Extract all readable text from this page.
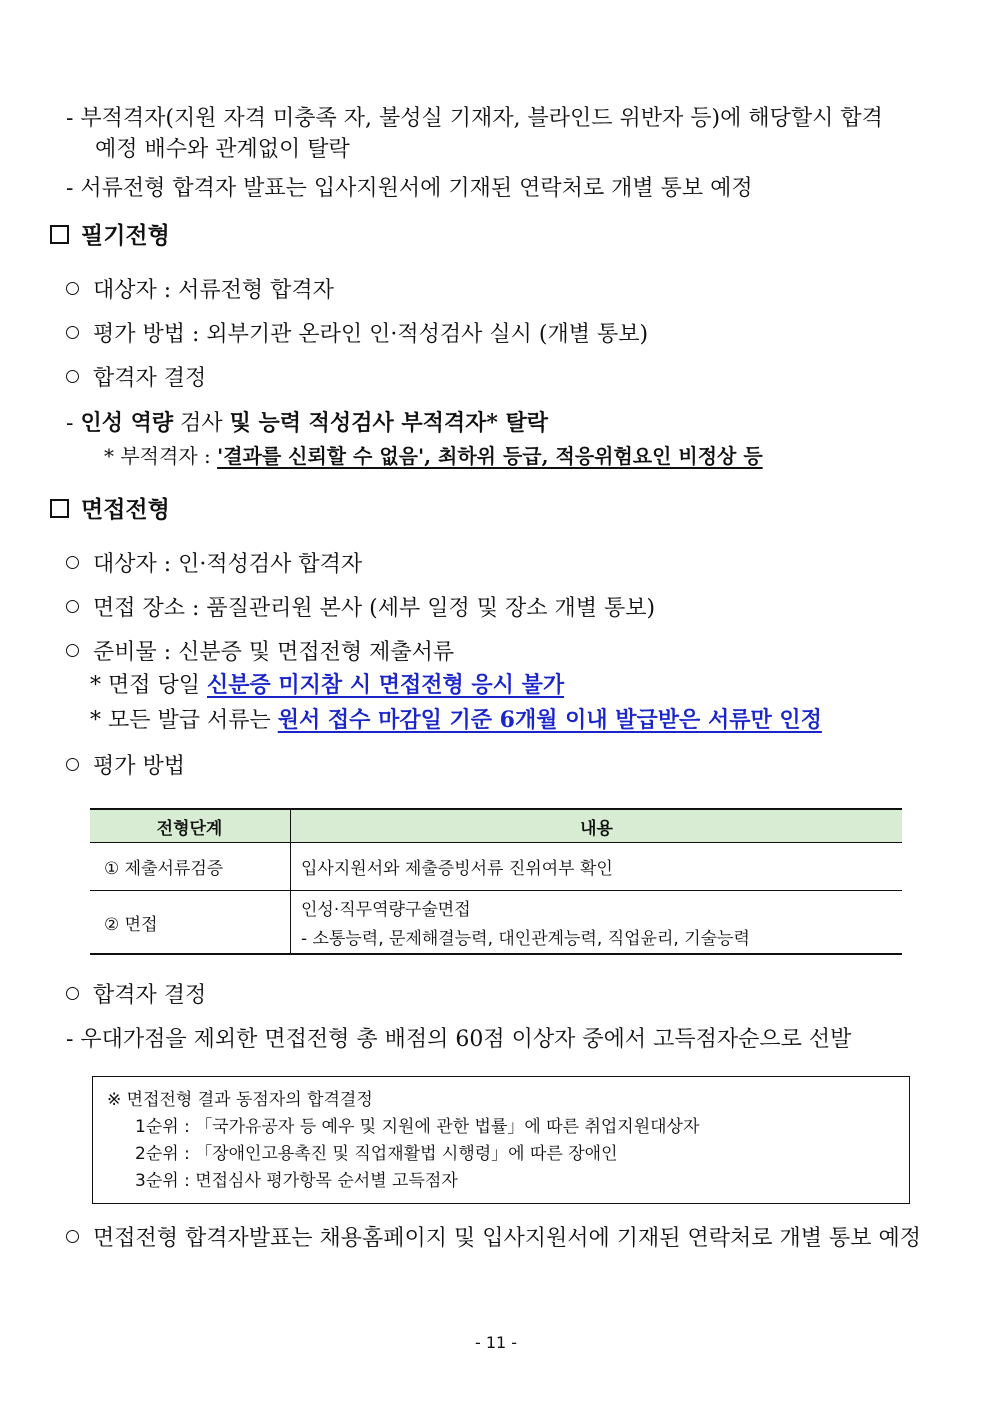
- 부적격자(지원 자격 미충족 자, 불성실 기재자, 블라인드 위반자 등)에 해당할시 합격
예정 배수와 관계없이 탈락
- 서류전형 합격자 발표는 입사지원서에 기재된 연락처로 개별 통보 예정
필기전형
대상자 : 서류전형 합격자
평가 방법 : 외부기관 온라인 인·적성검사 실시 (개별 통보)
합격자 결정
- 인성 역량 검사 및 능력 적성검사 부적격자* 탈락
* 부적격자 : '결과를 신뢰할 수 없음', 최하위 등급, 적응위험요인 비정상 등
면접전형
대상자 : 인·적성검사 합격자
면접 장소 : 품질관리원 본사 (세부 일정 및 장소 개별 통보)
준비물 : 신분증 및 면접전형 제출서류
* 면접 당일 신분증 미지참 시 면접전형 응시 불가
* 모든 발급 서류는 원서 접수 마감일 기준 6개월 이내 발급받은 서류만 인정
평가 방법
전형단계	내용
① 제출서류검증	입사지원서와 제출증빙서류 진위여부 확인
② 면접	인성·직무역량구술면접
- 소통능력, 문제해결능력, 대인관계능력, 직업윤리, 기술능력
합격자 결정
- 우대가점을 제외한 면접전형 총 배점의 60점 이상자 중에서 고득점자순으로 선발
※ 면접전형 결과 동점자의 합격결정
1순위 : 「국가유공자 등 예우 및 지원에 관한 법률」에 따른 취업지원대상자
2순위 : 「장애인고용촉진 및 직업재활법 시행령」에 따른 장애인
3순위 : 면접심사 평가항목 순서별 고득점자
면접전형 합격자발표는 채용홈페이지 및 입사지원서에 기재된 연락처로 개별 통보 예정
- 11 -
